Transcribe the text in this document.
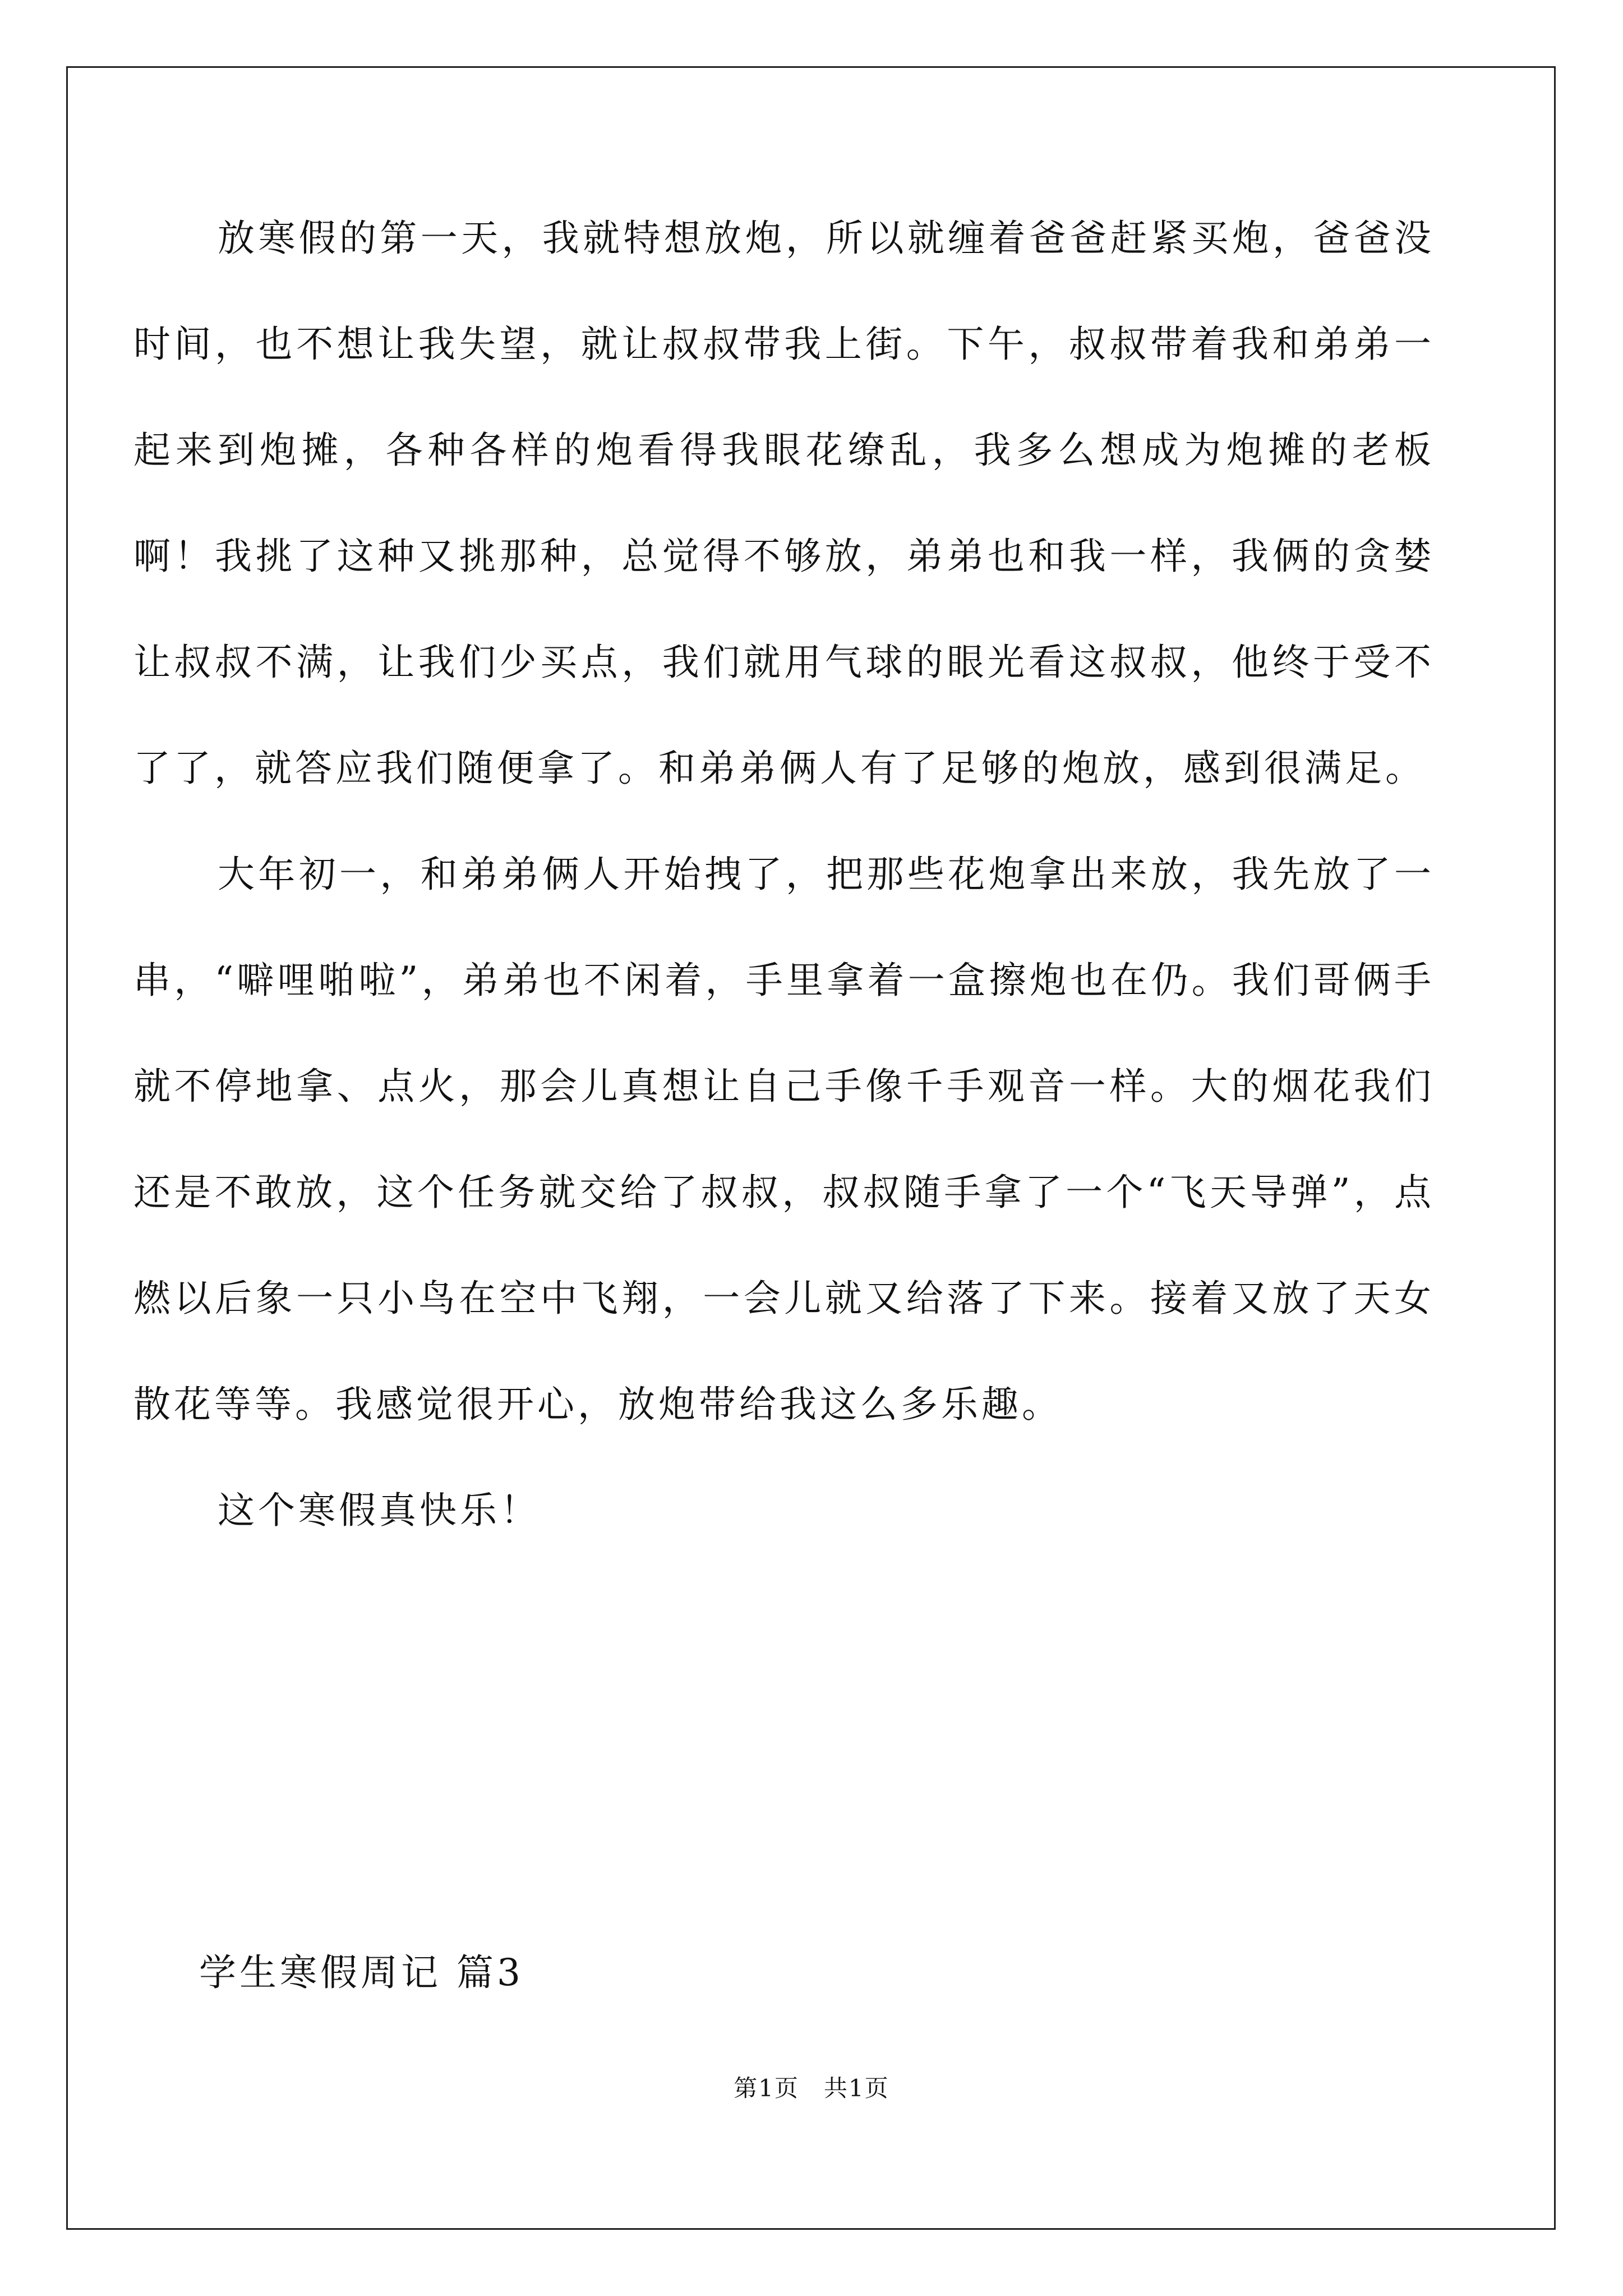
放寒假的第一天，我就特想放炮，所以就缠着爸爸赶紧买炮，爸爸没时间，也不想让我失望，就让叔叔带我上街。下午，叔叔带着我和弟弟一起来到炮摊，各种各样的炮看得我眼花缭乱，我多么想成为炮摊的老板啊！我挑了这种又挑那种，总觉得不够放，弟弟也和我一样，我俩的贪婪让叔叔不满，让我们少买点，我们就用气球的眼光看这叔叔，他终于受不了了，就答应我们随便拿了。和弟弟俩人有了足够的炮放，感到很满足。

大年初一，和弟弟俩人开始拽了，把那些花炮拿出来放，我先放了一串，“噼哩啪啦”，弟弟也不闲着，手里拿着一盒擦炮也在仍。我们哥俩手就不停地拿、点火，那会儿真想让自己手像千手观音一样。大的烟花我们还是不敢放，这个任务就交给了叔叔，叔叔随手拿了一个“飞天导弹”，点燃以后象一只小鸟在空中飞翔，一会儿就又给落了下来。接着又放了天女散花等等。我感觉很开心，放炮带给我这么多乐趣。

这个寒假真快乐！

学生寒假周记 篇3

第1页　共1页
